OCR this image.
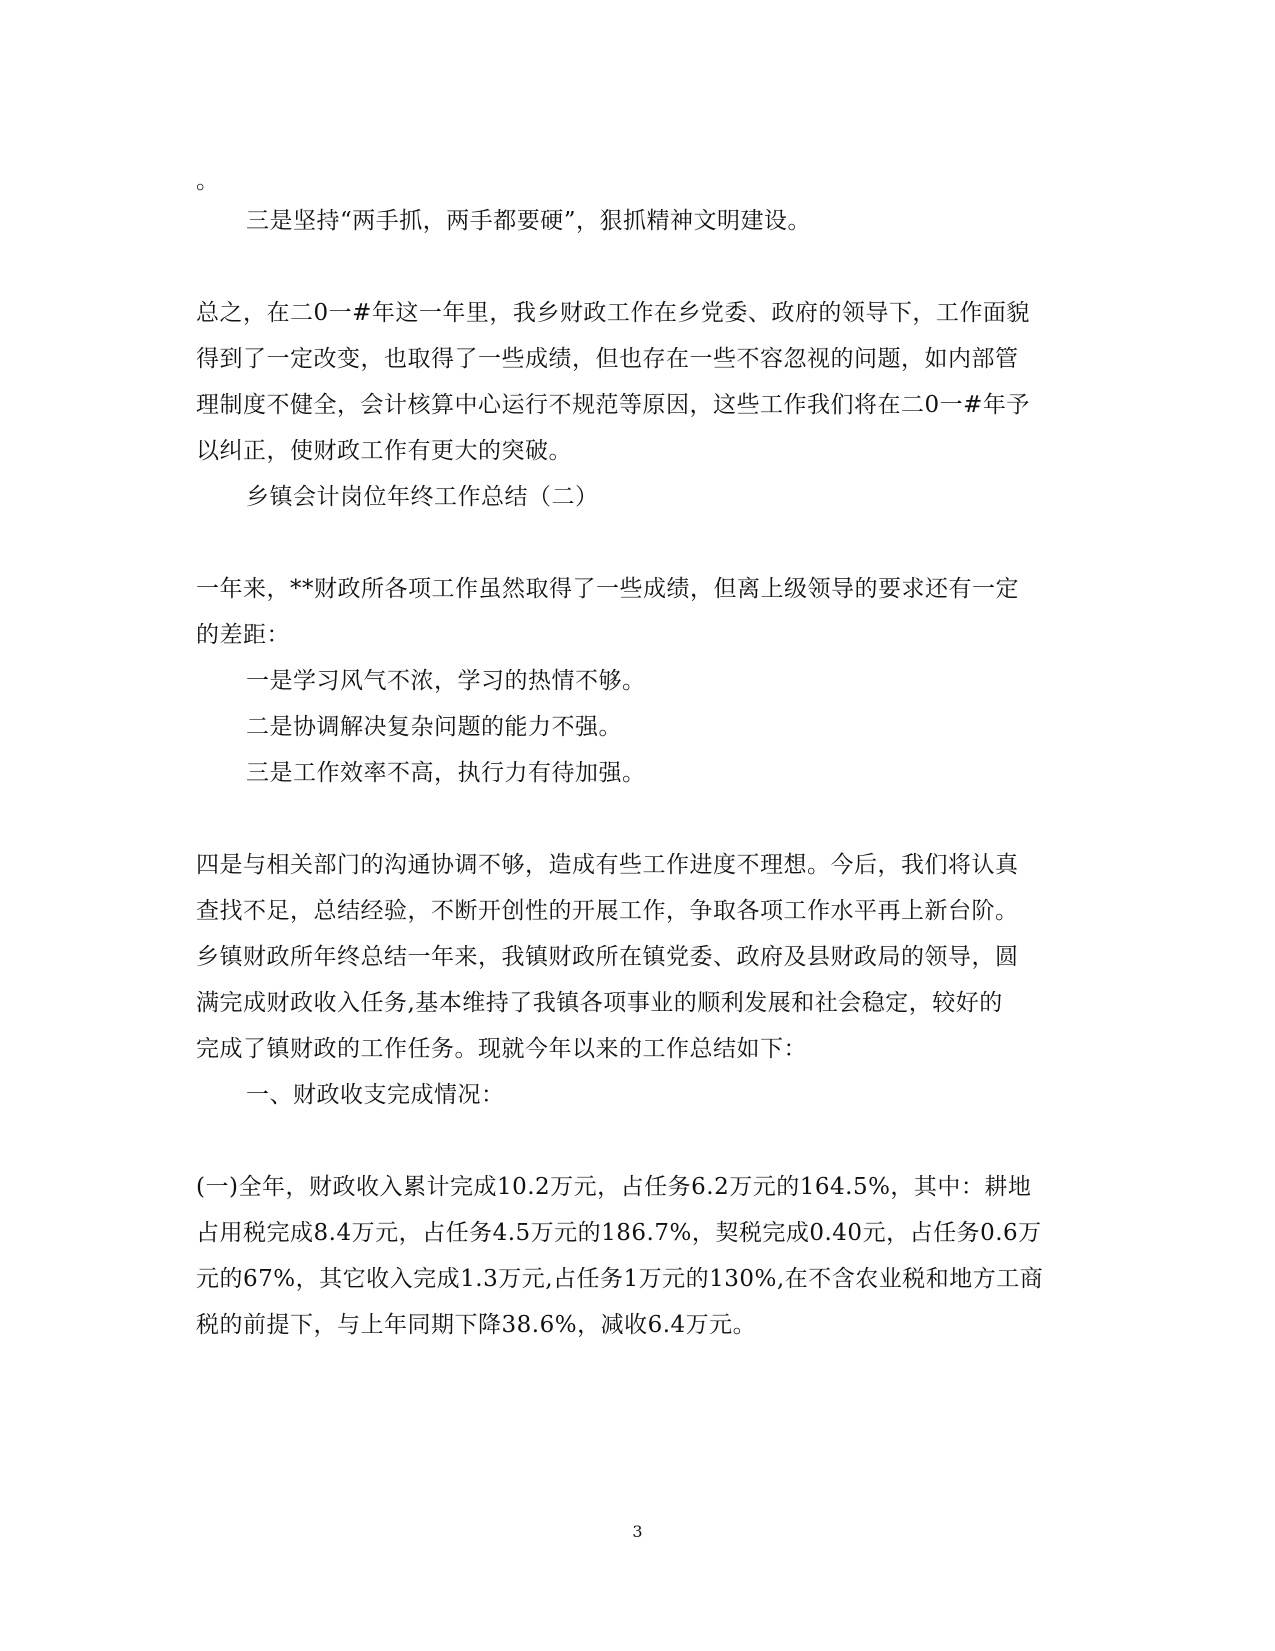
。
三是坚持“两手抓，两手都要硬”，狠抓精神文明建设。
总之，在二0一#年这一年里，我乡财政工作在乡党委、政府的领导下，工作面貌
得到了一定改变，也取得了一些成绩，但也存在一些不容忽视的问题，如内部管
理制度不健全，会计核算中心运行不规范等原因，这些工作我们将在二0一#年予
以纠正，使财政工作有更大的突破。
乡镇会计岗位年终工作总结（二）
一年来，**财政所各项工作虽然取得了一些成绩，但离上级领导的要求还有一定
的差距：
一是学习风气不浓，学习的热情不够。
二是协调解决复杂问题的能力不强。
三是工作效率不高，执行力有待加强。
四是与相关部门的沟通协调不够，造成有些工作进度不理想。今后，我们将认真
查找不足，总结经验，不断开创性的开展工作，争取各项工作水平再上新台阶。
乡镇财政所年终总结一年来，我镇财政所在镇党委、政府及县财政局的领导，圆
满完成财政收入任务,基本维持了我镇各项事业的顺利发展和社会稳定，较好的
完成了镇财政的工作任务。现就今年以来的工作总结如下：
一、财政收支完成情况：
(一)全年，财政收入累计完成10.2万元，占任务6.2万元的164.5%，其中：耕地
占用税完成8.4万元，占任务4.5万元的186.7%，契税完成0.40元，占任务0.6万
元的67%，其它收入完成1.3万元,占任务1万元的130%,在不含农业税和地方工商
税的前提下，与上年同期下降38.6%，减收6.4万元。
3
